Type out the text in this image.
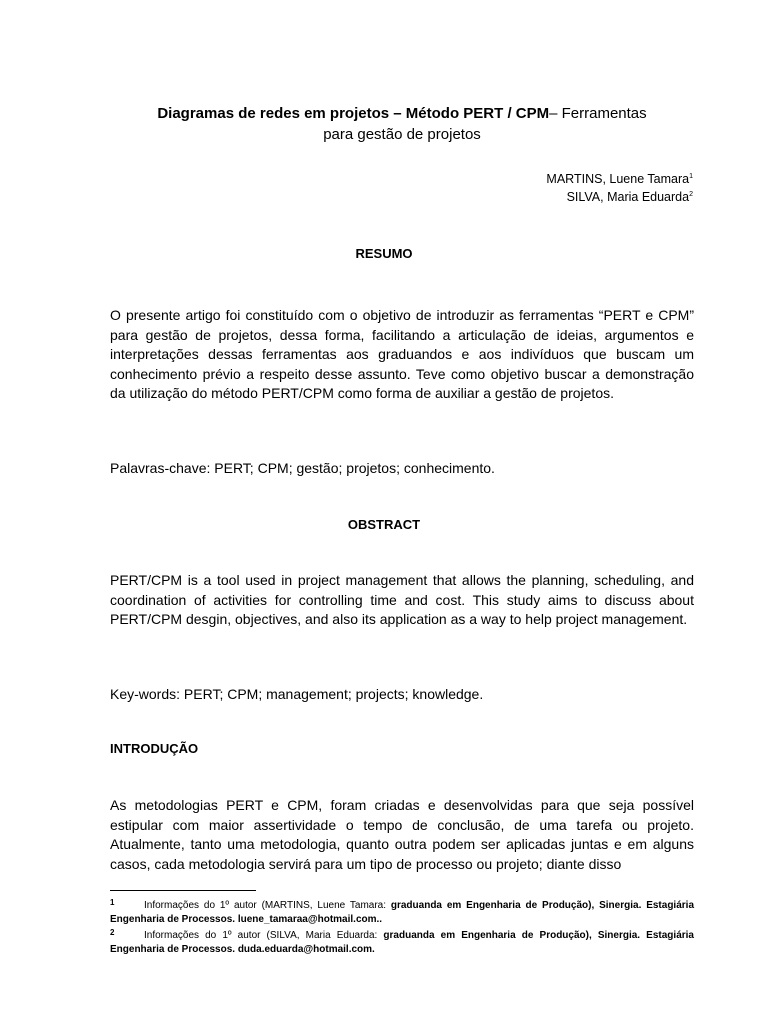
Diagramas de redes em projetos – Método PERT / CPM– Ferramentas
para gestão de projetos
MARTINS, Luene Tamara$^1$
SILVA, Maria Eduarda$^2$
RESUMO
O presente artigo foi constituído com o objetivo de introduzir as ferramentas “PERT e CPM” para gestão de projetos, dessa forma, facilitando a articulação de ideias, argumentos e interpretações dessas ferramentas aos graduandos e aos indivíduos que buscam um conhecimento prévio a respeito desse assunto. Teve como objetivo buscar a demonstração da utilização do método PERT/CPM como forma de auxiliar a gestão de projetos.
Palavras-chave: PERT; CPM; gestão; projetos; conhecimento.
OBSTRACT
PERT/CPM is a tool used in project management that allows the planning, scheduling, and coordination of activities for controlling time and cost. This study aims to discuss about PERT/CPM desgin, objectives, and also its application as a way to help project management.
Key-words: PERT; CPM; management; projects; knowledge.
INTRODUÇÃO
As metodologias PERT e CPM, foram criadas e desenvolvidas para que seja possível estipular com maior assertividade o tempo de conclusão, de uma tarefa ou projeto. Atualmente, tanto uma metodologia, quanto outra podem ser aplicadas juntas e em alguns casos, cada metodologia servirá para um tipo de processo ou projeto; diante disso

1	Informações do 1º autor (MARTINS, Luene Tamara: graduanda em Engenharia de Produção), Sinergia. Estagiária Engenharia de Processos. luene_tamaraa@hotmail.com..

2	Informações do 1º autor (SILVA, Maria Eduarda: graduanda em Engenharia de Produção), Sinergia. Estagiária Engenharia de Processos. duda.eduarda@hotmail.com.
